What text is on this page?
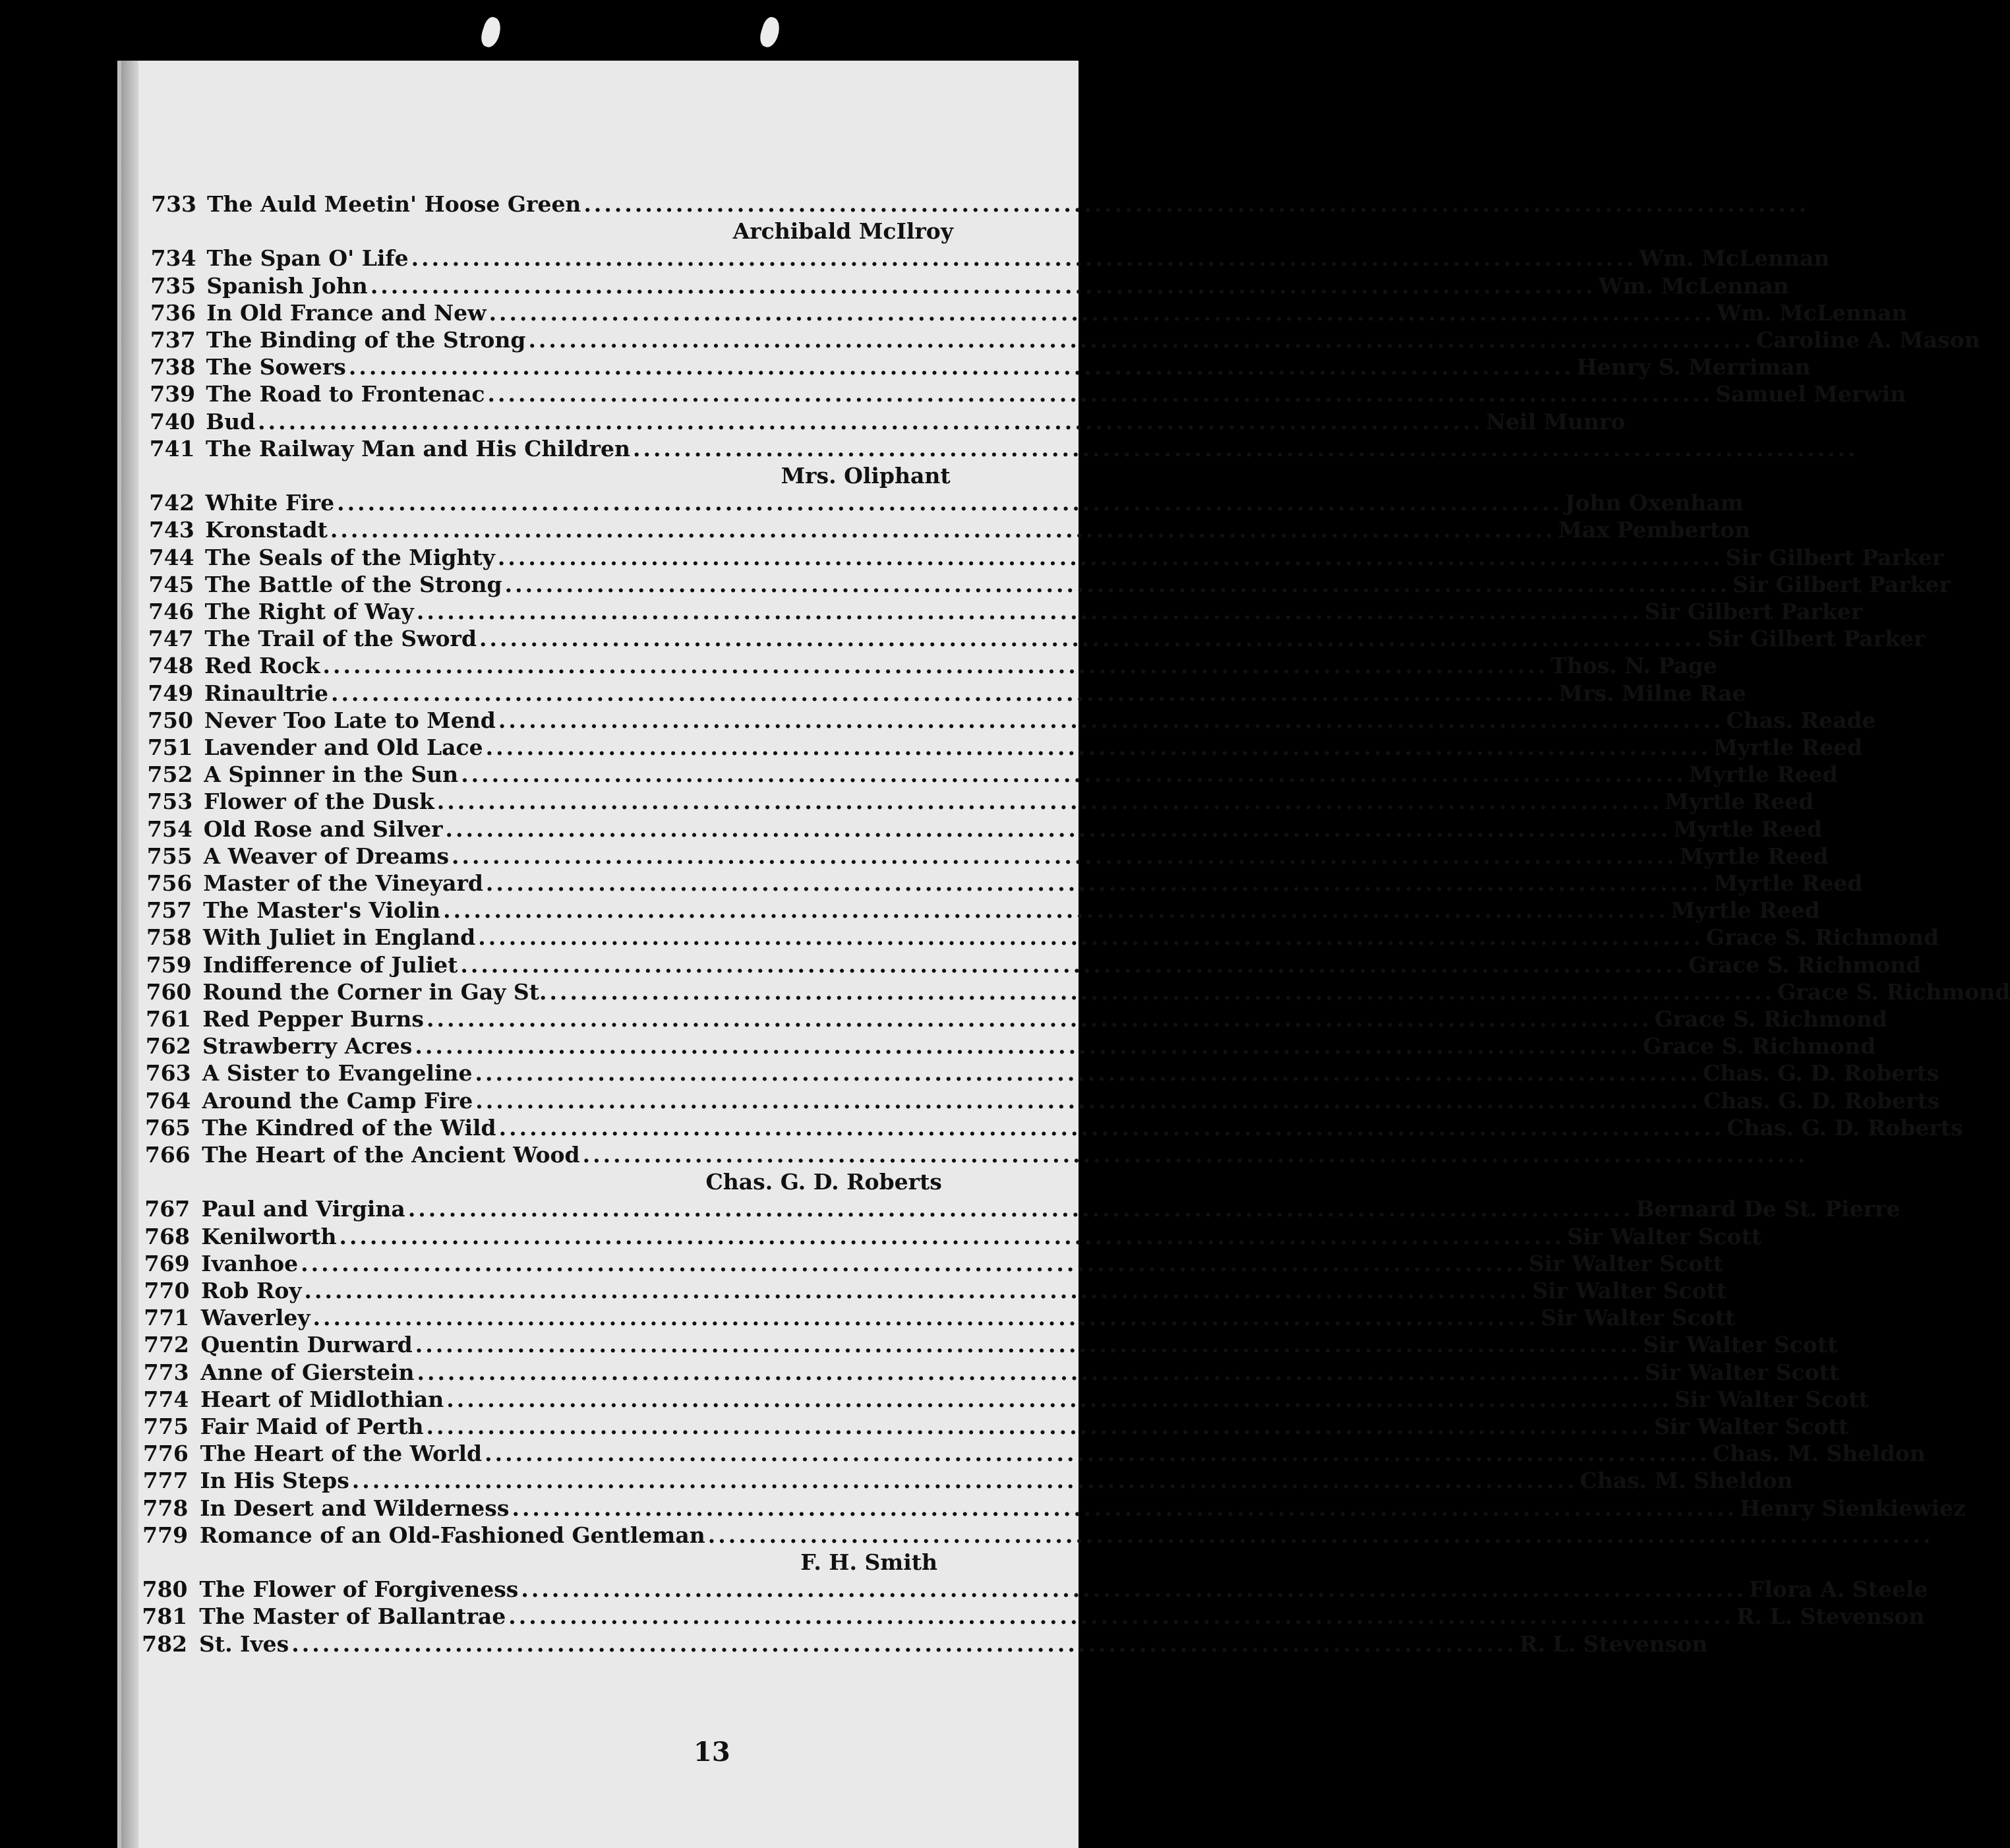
733 The Auld Meetin' Hoose Green ........................................................................................................................
Archibald McIlroy
734 The Span O' Life ........................................................................................................................ Wm. McLennan
735 Spanish John ........................................................................................................................ Wm. McLennan
736 In Old France and New ........................................................................................................................ Wm. McLennan
737 The Binding of the Strong ........................................................................................................................ Caroline A. Mason
738 The Sowers ........................................................................................................................ Henry S. Merriman
739 The Road to Frontenac ........................................................................................................................ Samuel Merwin
740 Bud ........................................................................................................................ Neil Munro
741 The Railway Man and His Children ........................................................................................................................
Mrs. Oliphant
742 White Fire ........................................................................................................................ John Oxenham
743 Kronstadt ........................................................................................................................ Max Pemberton
744 The Seals of the Mighty ........................................................................................................................ Sir Gilbert Parker
745 The Battle of the Strong ........................................................................................................................ Sir Gilbert Parker
746 The Right of Way ........................................................................................................................ Sir Gilbert Parker
747 The Trail of the Sword ........................................................................................................................ Sir Gilbert Parker
748 Red Rock ........................................................................................................................ Thos. N. Page
749 Rinaultrie ........................................................................................................................ Mrs. Milne Rae
750 Never Too Late to Mend ........................................................................................................................ Chas. Reade
751 Lavender and Old Lace ........................................................................................................................ Myrtle Reed
752 A Spinner in the Sun ........................................................................................................................ Myrtle Reed
753 Flower of the Dusk ........................................................................................................................ Myrtle Reed
754 Old Rose and Silver ........................................................................................................................ Myrtle Reed
755 A Weaver of Dreams ........................................................................................................................ Myrtle Reed
756 Master of the Vineyard ........................................................................................................................ Myrtle Reed
757 The Master's Violin ........................................................................................................................ Myrtle Reed
758 With Juliet in England ........................................................................................................................ Grace S. Richmond
759 Indifference of Juliet ........................................................................................................................ Grace S. Richmond
760 Round the Corner in Gay St. ........................................................................................................................ Grace S. Richmond
761 Red Pepper Burns ........................................................................................................................ Grace S. Richmond
762 Strawberry Acres ........................................................................................................................ Grace S. Richmond
763 A Sister to Evangeline ........................................................................................................................ Chas. G. D. Roberts
764 Around the Camp Fire ........................................................................................................................ Chas. G. D. Roberts
765 The Kindred of the Wild ........................................................................................................................ Chas. G. D. Roberts
766 The Heart of the Ancient Wood ........................................................................................................................
Chas. G. D. Roberts
767 Paul and Virgina ........................................................................................................................ Bernard De St. Pierre
768 Kenilworth ........................................................................................................................ Sir Walter Scott
769 Ivanhoe ........................................................................................................................ Sir Walter Scott
770 Rob Roy ........................................................................................................................ Sir Walter Scott
771 Waverley ........................................................................................................................ Sir Walter Scott
772 Quentin Durward ........................................................................................................................ Sir Walter Scott
773 Anne of Gierstein ........................................................................................................................ Sir Walter Scott
774 Heart of Midlothian ........................................................................................................................ Sir Walter Scott
775 Fair Maid of Perth ........................................................................................................................ Sir Walter Scott
776 The Heart of the World ........................................................................................................................ Chas. M. Sheldon
777 In His Steps ........................................................................................................................ Chas. M. Sheldon
778 In Desert and Wilderness ........................................................................................................................ Henry Sienkiewiez
779 Romance of an Old-Fashioned Gentleman ........................................................................................................................
F. H. Smith
780 The Flower of Forgiveness ........................................................................................................................ Flora A. Steele
781 The Master of Ballantrae ........................................................................................................................ R. L. Stevenson
782 St. Ives ........................................................................................................................ R. L. Stevenson
13
